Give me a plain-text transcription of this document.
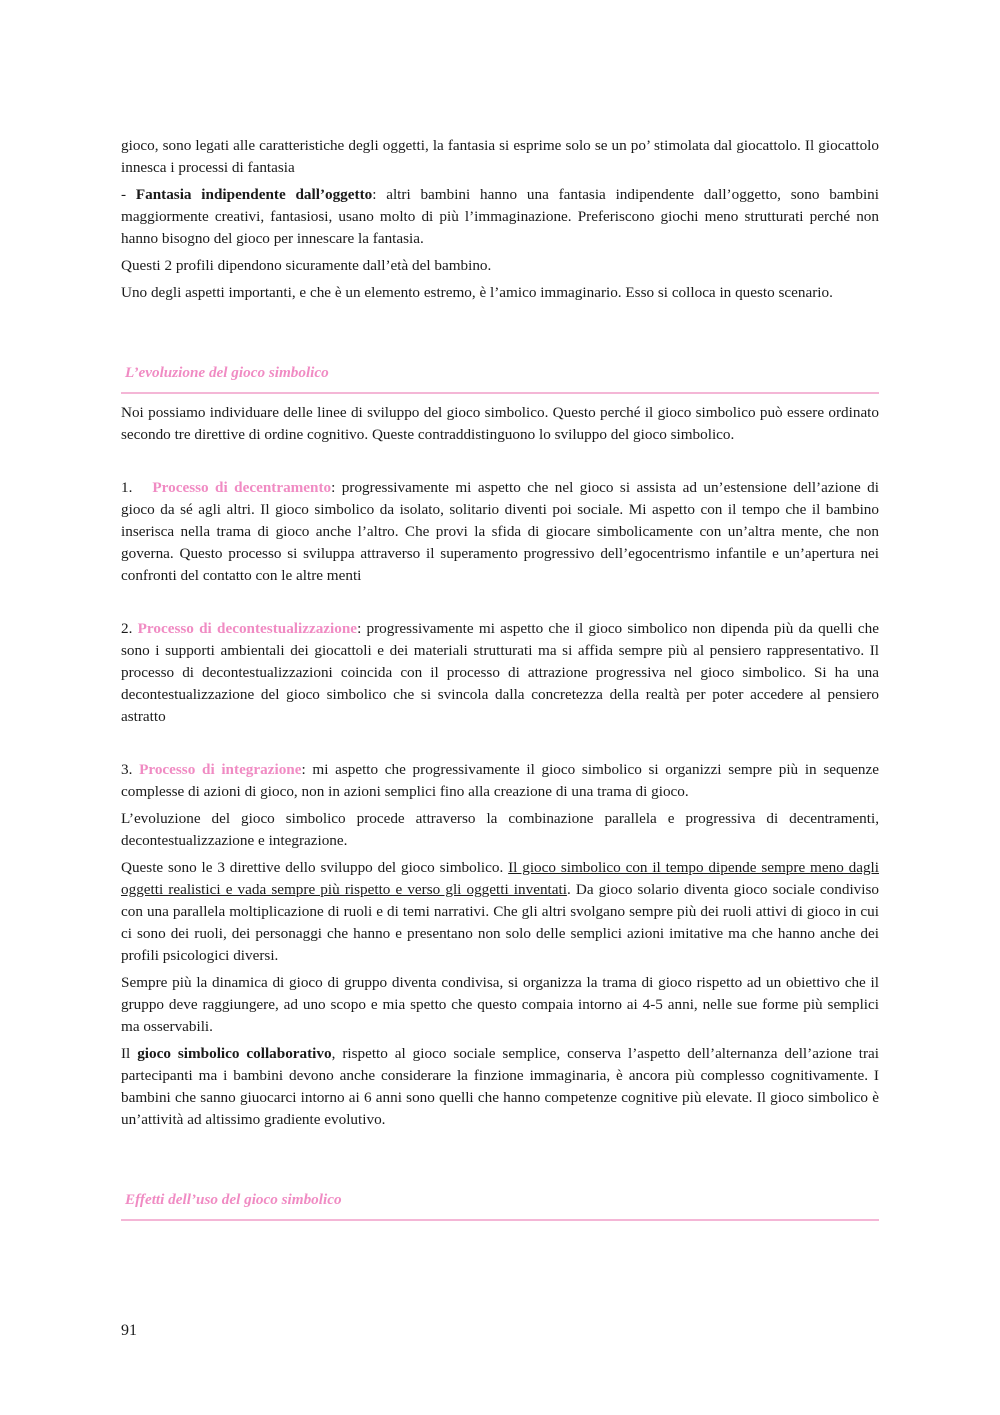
gioco, sono legati alle caratteristiche degli oggetti, la fantasia si esprime solo se un po’ stimolata dal giocattolo. Il giocattolo innesca i processi di fantasia

- Fantasia indipendente dall’oggetto: altri bambini hanno una fantasia indipendente dall’oggetto, sono bambini maggiormente creativi, fantasiosi, usano molto di più l’immaginazione. Preferiscono giochi meno strutturati perché non hanno bisogno del gioco per innescare la fantasia.

Questi 2 profili dipendono sicuramente dall’età del bambino.

Uno degli aspetti importanti, e che è un elemento estremo, è l’amico immaginario. Esso si colloca in questo scenario.

L’evoluzione del gioco simbolico

Noi possiamo individuare delle linee di sviluppo del gioco simbolico. Questo perché il gioco simbolico può essere ordinato secondo tre direttive di ordine cognitivo. Queste contraddistinguono lo sviluppo del gioco simbolico.

1. Processo di decentramento: progressivamente mi aspetto che nel gioco si assista ad un’estensione dell’azione di gioco da sé agli altri. Il gioco simbolico da isolato, solitario diventi poi sociale. Mi aspetto con il tempo che il bambino inserisca nella trama di gioco anche l’altro. Che provi la sfida di giocare simbolicamente con un’altra mente, che non governa. Questo processo si sviluppa attraverso il superamento progressivo dell’egocentrismo infantile e un’apertura nei confronti del contatto con le altre menti

2. Processo di decontestualizzazione: progressivamente mi aspetto che il gioco simbolico non dipenda più da quelli che sono i supporti ambientali dei giocattoli e dei materiali strutturati ma si affida sempre più al pensiero rappresentativo. Il processo di decontestualizzazioni coincida con il processo di attrazione progressiva nel gioco simbolico. Si ha una decontestualizzazione del gioco simbolico che si svincola dalla concretezza della realtà per poter accedere al pensiero astratto

3. Processo di integrazione: mi aspetto che progressivamente il gioco simbolico si organizzi sempre più in sequenze complesse di azioni di gioco, non in azioni semplici fino alla creazione di una trama di gioco.

L’evoluzione del gioco simbolico procede attraverso la combinazione parallela e progressiva di decentramenti, decontestualizzazione e integrazione.

Queste sono le 3 direttive dello sviluppo del gioco simbolico. Il gioco simbolico con il tempo dipende sempre meno dagli oggetti realistici e vada sempre più rispetto e verso gli oggetti inventati. Da gioco solario diventa gioco sociale condiviso con una parallela moltiplicazione di ruoli e di temi narrativi. Che gli altri svolgano sempre più dei ruoli attivi di gioco in cui ci sono dei ruoli, dei personaggi che hanno e presentano non solo delle semplici azioni imitative ma che hanno anche dei profili psicologici diversi.

Sempre più la dinamica di gioco di gruppo diventa condivisa, si organizza la trama di gioco rispetto ad un obiettivo che il gruppo deve raggiungere, ad uno scopo e mia spetto che questo compaia intorno ai 4-5 anni, nelle sue forme più semplici ma osservabili.

Il gioco simbolico collaborativo, rispetto al gioco sociale semplice, conserva l’aspetto dell’alternanza dell’azione trai partecipanti ma i bambini devono anche considerare la finzione immaginaria, è ancora più complesso cognitivamente. I bambini che sanno giuocarci intorno ai 6 anni sono quelli che hanno competenze cognitive più elevate. Il gioco simbolico è un’attività ad altissimo gradiente evolutivo.

Effetti dell’uso del gioco simbolico
91
